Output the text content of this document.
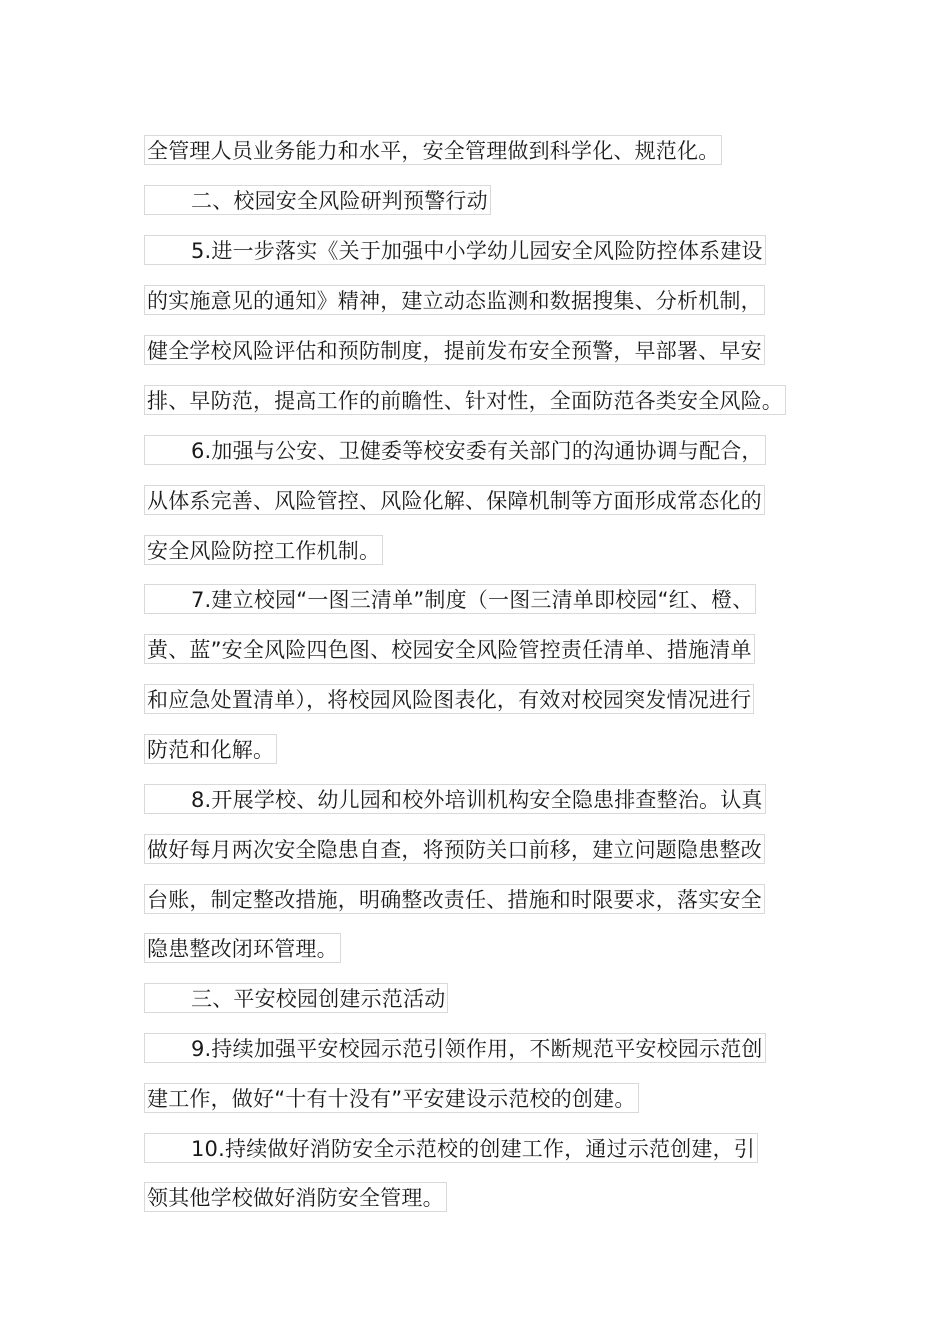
全管理人员业务能力和水平，安全管理做到科学化、规范化。
二、校园安全风险研判预警行动
5.进一步落实《关于加强中小学幼儿园安全风险防控体系建设
的实施意见的通知》精神，建立动态监测和数据搜集、分析机制，
健全学校风险评估和预防制度，提前发布安全预警，早部署、早安
排、早防范，提高工作的前瞻性、针对性，全面防范各类安全风险。
6.加强与公安、卫健委等校安委有关部门的沟通协调与配合，
从体系完善、风险管控、风险化解、保障机制等方面形成常态化的
安全风险防控工作机制。
7.建立校园“一图三清单”制度（一图三清单即校园“红、橙、
黄、蓝”安全风险四色图、校园安全风险管控责任清单、措施清单
和应急处置清单），将校园风险图表化，有效对校园突发情况进行
防范和化解。
8.开展学校、幼儿园和校外培训机构安全隐患排查整治。认真
做好每月两次安全隐患自查，将预防关口前移，建立问题隐患整改
台账，制定整改措施，明确整改责任、措施和时限要求，落实安全
隐患整改闭环管理。
三、平安校园创建示范活动
9.持续加强平安校园示范引领作用，不断规范平安校园示范创
建工作，做好“十有十没有”平安建设示范校的创建。
10.持续做好消防安全示范校的创建工作，通过示范创建，引
领其他学校做好消防安全管理。
